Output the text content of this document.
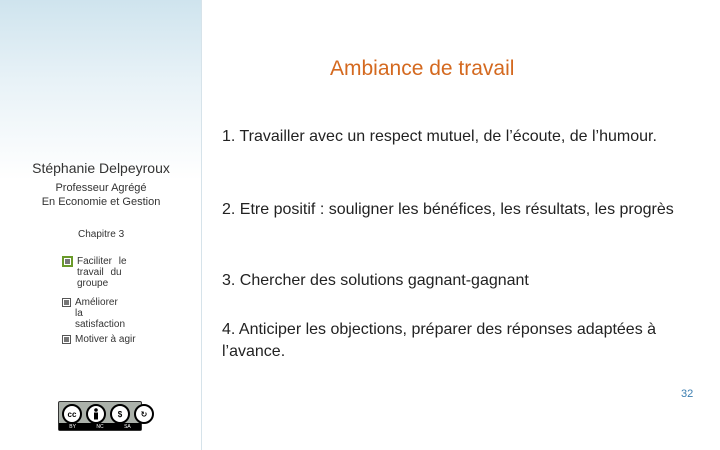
Stéphanie Delpeyroux
Professeur Agrégé
En Economie et Gestion
Chapitre 3
Faciliter le travail du groupe
Améliorer la satisfaction
Motiver à agir
cc	$	↻
BY	NC	SA
Ambiance de travail
1. Travailler avec un respect mutuel, de l’écoute, de l’humour.
2. Etre positif : souligner les bénéfices, les résultats, les progrès
3. Chercher des solutions gagnant-gagnant
4. Anticiper les objections, préparer des réponses adaptées à l’avance.
32
